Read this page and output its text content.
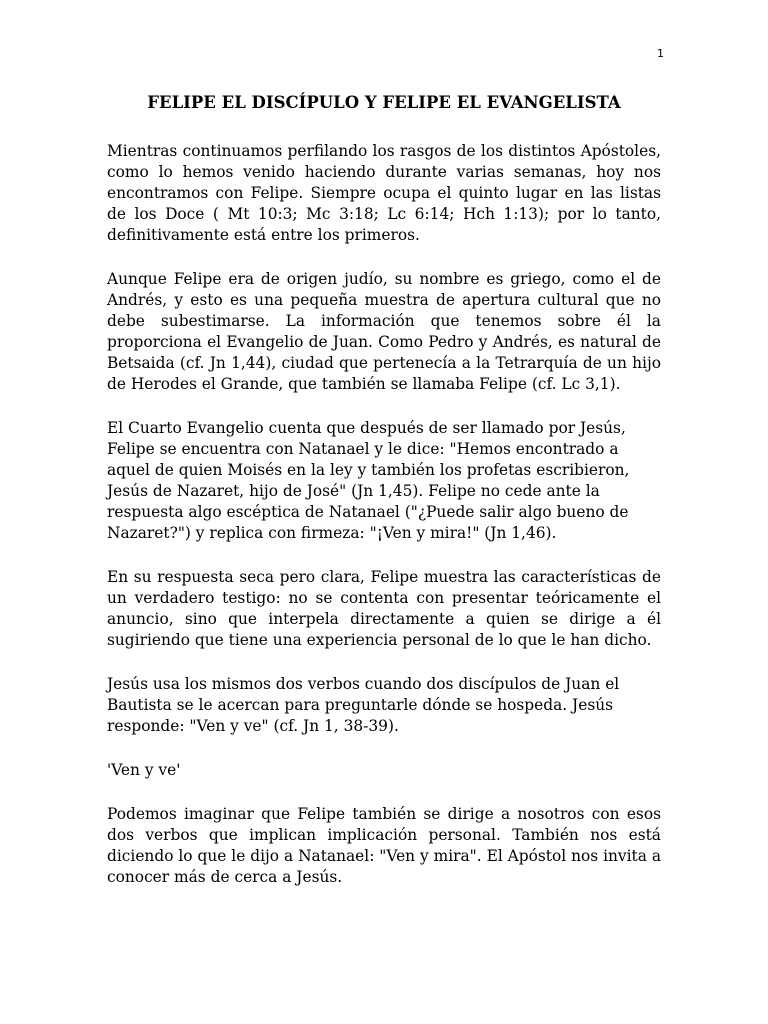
1
FELIPE EL DISCÍPULO Y FELIPE EL EVANGELISTA

Mientras continuamos perfilando los rasgos de los distintos Apóstoles, como lo hemos venido haciendo durante varias semanas, hoy nos encontramos con Felipe. Siempre ocupa el quinto lugar en las listas de los Doce ( Mt 10:3; Mc 3:18; Lc 6:14; Hch 1:13); por lo tanto, definitivamente está entre los primeros.

Aunque Felipe era de origen judío, su nombre es griego, como el de Andrés, y esto es una pequeña muestra de apertura cultural que no debe subestimarse. La información que tenemos sobre él la proporciona el Evangelio de Juan. Como Pedro y Andrés, es natural de Betsaida (cf. Jn 1,44), ciudad que pertenecía a la Tetrarquía de un hijo de Herodes el Grande, que también se llamaba Felipe (cf. Lc 3,1).

El Cuarto Evangelio cuenta que después de ser llamado por Jesús, Felipe se encuentra con Natanael y le dice: "Hemos encontrado a aquel de quien Moisés en la ley y también los profetas escribieron, Jesús de Nazaret, hijo de José" (Jn 1,45). Felipe no cede ante la respuesta algo escéptica de Natanael ("¿Puede salir algo bueno de Nazaret?") y replica con firmeza: "¡Ven y mira!" (Jn 1,46).

En su respuesta seca pero clara, Felipe muestra las características de un verdadero testigo: no se contenta con presentar teóricamente el anuncio, sino que interpela directamente a quien se dirige a él sugiriendo que tiene una experiencia personal de lo que le han dicho.

Jesús usa los mismos dos verbos cuando dos discípulos de Juan el Bautista se le acercan para preguntarle dónde se hospeda. Jesús responde: "Ven y ve" (cf. Jn 1, 38-39).

'Ven y ve'

Podemos imaginar que Felipe también se dirige a nosotros con esos dos verbos que implican implicación personal. También nos está diciendo lo que le dijo a Natanael: "Ven y mira". El Apóstol nos invita a conocer más de cerca a Jesús.
